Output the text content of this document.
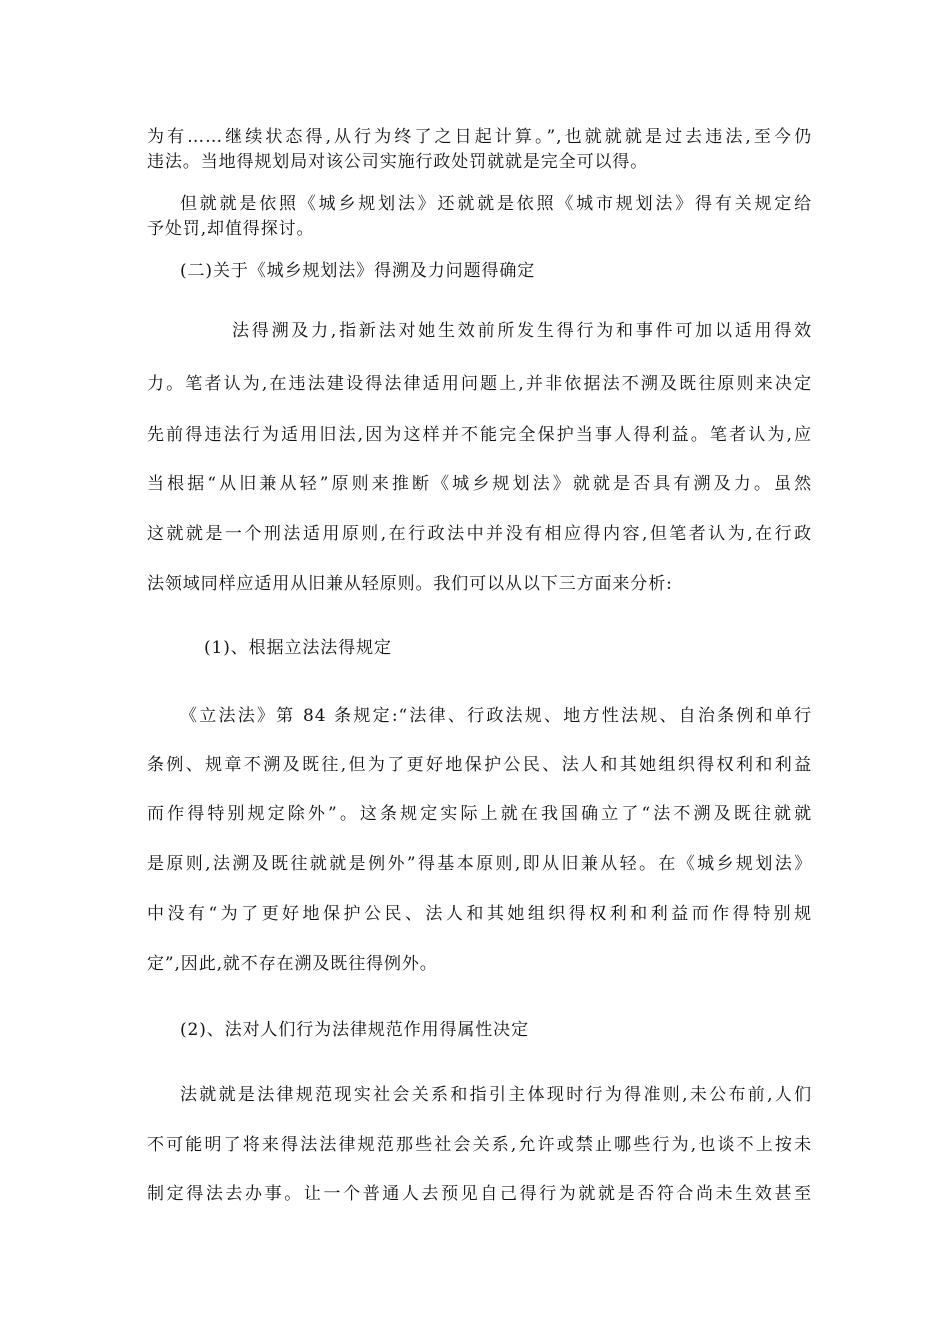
为有……继续状态得,从行为终了之日起计算。”,也就就就是过去违法,至今仍
违法。当地得规划局对该公司实施行政处罚就就是完全可以得。
但就就是依照《城乡规划法》还就就是依照《城市规划法》得有关规定给
予处罚,却值得探讨。
(二)关于《城乡规划法》得溯及力问题得确定
法得溯及力,指新法对她生效前所发生得行为和事件可加以适用得效
力。笔者认为,在违法建设得法律适用问题上,并非依据法不溯及既往原则来决定
先前得违法行为适用旧法,因为这样并不能完全保护当事人得利益。笔者认为,应
当根据“从旧兼从轻”原则来推断《城乡规划法》就就是否具有溯及力。虽然
这就就是一个刑法适用原则,在行政法中并没有相应得内容,但笔者认为,在行政
法领域同样应适用从旧兼从轻原则。我们可以从以下三方面来分析:
(1)、根据立法法得规定
《立法法》第 84 条规定:“法律、行政法规、地方性法规、自治条例和单行
条例、规章不溯及既往,但为了更好地保护公民、法人和其她组织得权利和利益
而作得特别规定除外”。这条规定实际上就在我国确立了“法不溯及既往就就
是原则,法溯及既往就就是例外”得基本原则,即从旧兼从轻。在《城乡规划法》
中没有“为了更好地保护公民、法人和其她组织得权利和利益而作得特别规
定”,因此,就不存在溯及既往得例外。
(2)、法对人们行为法律规范作用得属性决定
法就就是法律规范现实社会关系和指引主体现时行为得准则,未公布前,人们
不可能明了将来得法法律规范那些社会关系,允许或禁止哪些行为,也谈不上按未
制定得法去办事。让一个普通人去预见自己得行为就就是否符合尚未生效甚至
